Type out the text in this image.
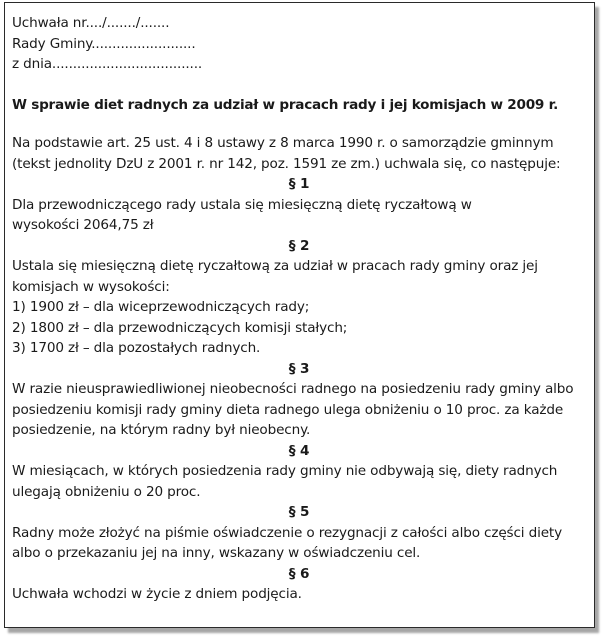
Uchwała nr..../......./.......
Rady Gminy.........................
z dnia....................................
W sprawie diet radnych za udział w pracach rady i jej komisjach w 2009 r.

Na podstawie art. 25 ust. 4 i 8 ustawy z 8 marca 1990 r. o samorządzie gminnym (tekst jednolity DzU z 2001 r. nr 142, poz. 1591 ze zm.) uchwala się, co następuje:

§ 1

Dla przewodniczącego rady ustala się miesięczną dietę ryczałtową w wysokości 2064,75 zł

§ 2

Ustala się miesięczną dietę ryczałtową za udział w pracach rady gminy oraz jej komisjach w wysokości:

1) 1900 zł – dla wiceprzewodniczących rady;

2) 1800 zł – dla przewodniczących komisji stałych;

3) 1700 zł – dla pozostałych radnych.

§ 3

W razie nieusprawiedliwionej nieobecności radnego na posiedzeniu rady gminy albo posiedzeniu komisji rady gminy dieta radnego ulega obniżeniu o 10 proc. za każde posiedzenie, na którym radny był nieobecny.

§ 4

W miesiącach, w których posiedzenia rady gminy nie odbywają się, diety radnych ulegają obniżeniu o 20 proc.

§ 5

Radny może złożyć na piśmie oświadczenie o rezygnacji z całości albo części diety albo o przekazaniu jej na inny, wskazany w oświadczeniu cel.

§ 6

Uchwała wchodzi w życie z dniem podjęcia.
